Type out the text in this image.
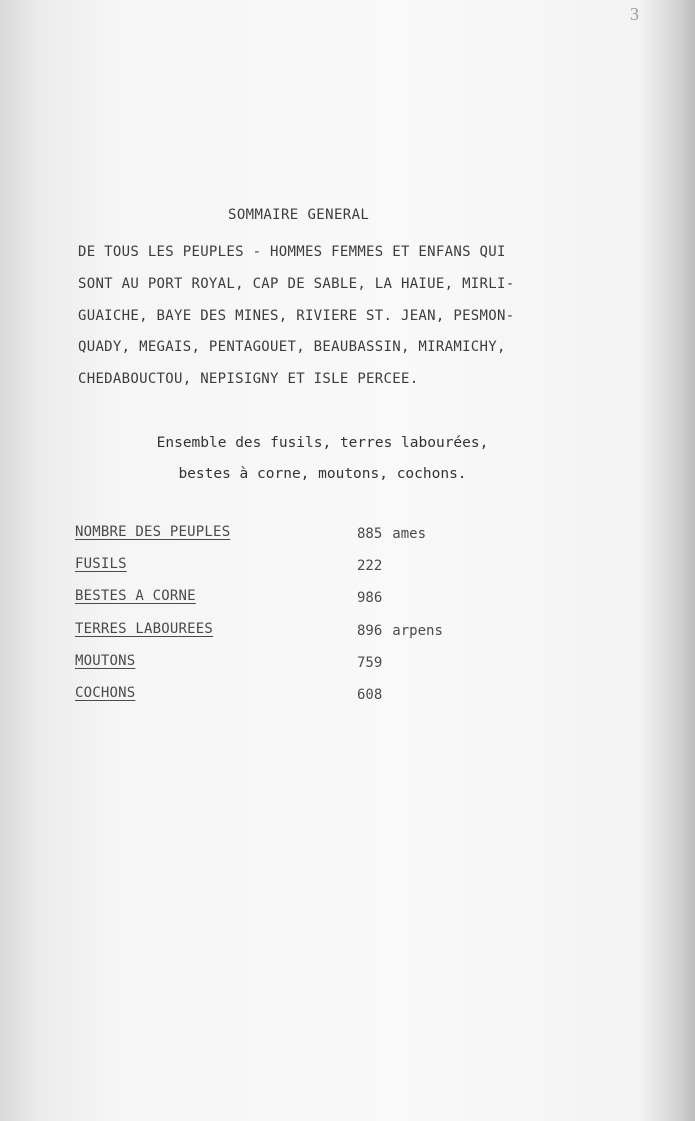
3
SOMMAIRE GENERAL
DE TOUS LES PEUPLES - HOMMES FEMMES ET ENFANS QUI
SONT AU PORT ROYAL, CAP DE SABLE, LA HAIUE, MIRLI-
GUAICHE, BAYE DES MINES, RIVIERE ST. JEAN, PESMON-
QUADY, MEGAIS, PENTAGOUET, BEAUBASSIN, MIRAMICHY,
CHEDABOUCTOU, NEPISIGNY ET ISLE PERCEE.
Ensemble des fusils, terres labourées,
bestes à corne, moutons, cochons.
NOMBRE DES PEUPLES	885 ames
FUSILS	222
BESTES A CORNE	986
TERRES LABOUREES	896 arpens
MOUTONS	759
COCHONS	608
